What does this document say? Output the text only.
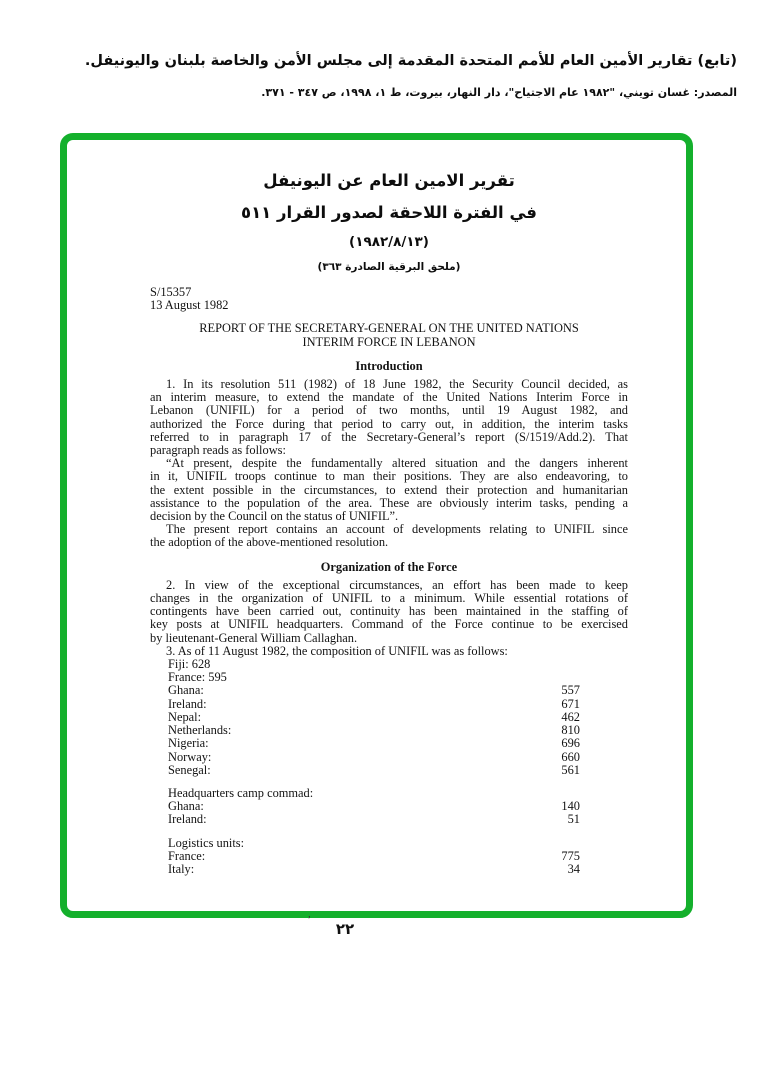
(تابع) تقارير الأمين العام للأمم المتحدة المقدمة إلى مجلس الأمن والخاصة بلبنان واليونيفل.
المصدر: غسان تويني، "١٩٨٢ عام الاجتياح"، دار النهار، بيروت، ط ١، ١٩٩٨، ص ٣٤٧ - ٣٧١.
تقرير الامين العام عن اليونيفل
في الفترة اللاحقة لصدور القرار ٥١١
(١٩٨٢/٨/١٣)
(ملحق البرقية الصادرة ٣٦٣)
S/15357
13 August 1982
REPORT OF THE SECRETARY-GENERAL ON THE UNITED NATIONS
INTERIM FORCE IN LEBANON
Introduction
1. In its resolution 511 (1982) of 18 June 1982, the Security Council decided, as
an interim measure, to extend the mandate of the United Nations Interim Force in
Lebanon (UNIFIL) for a period of two months, until 19 August 1982, and
authorized the Force during that period to carry out, in addition, the interim tasks
referred to in paragraph 17 of the Secretary-General’s report (S/1519/Add.2). That
paragraph reads as follows:
“At present, despite the fundamentally altered situation and the dangers inherent
in it, UNIFIL troops continue to man their positions. They are also endeavoring, to
the extent possible in the circumstances, to extend their protection and humanitarian
assistance to the population of the area. These are obviously interim tasks, pending a
decision by the Council on the status of UNIFIL”.
The present report contains an account of developments relating to UNIFIL since
the adoption of the above-mentioned resolution.
Organization of the Force
2. In view of the exceptional circumstances, an effort has been made to keep
changes in the organization of UNIFIL to a minimum. While essential rotations of
contingents have been carried out, continuity has been maintained in the staffing of
key posts at UNIFIL headquarters. Command of the Force continue to be exercised
by lieutenant-General William Callaghan.
3. As of 11 August 1982, the composition of UNIFIL was as follows:
Fiji: 628
France: 595
Ghana:	557
Ireland:	671
Nepal:	462
Netherlands:	810
Nigeria:	696
Norway:	660
Senegal:	561
Headquarters camp commad:
Ghana:	140
Ireland:	51
Logistics units:
France:	775
Italy:	34
’	٢٢
